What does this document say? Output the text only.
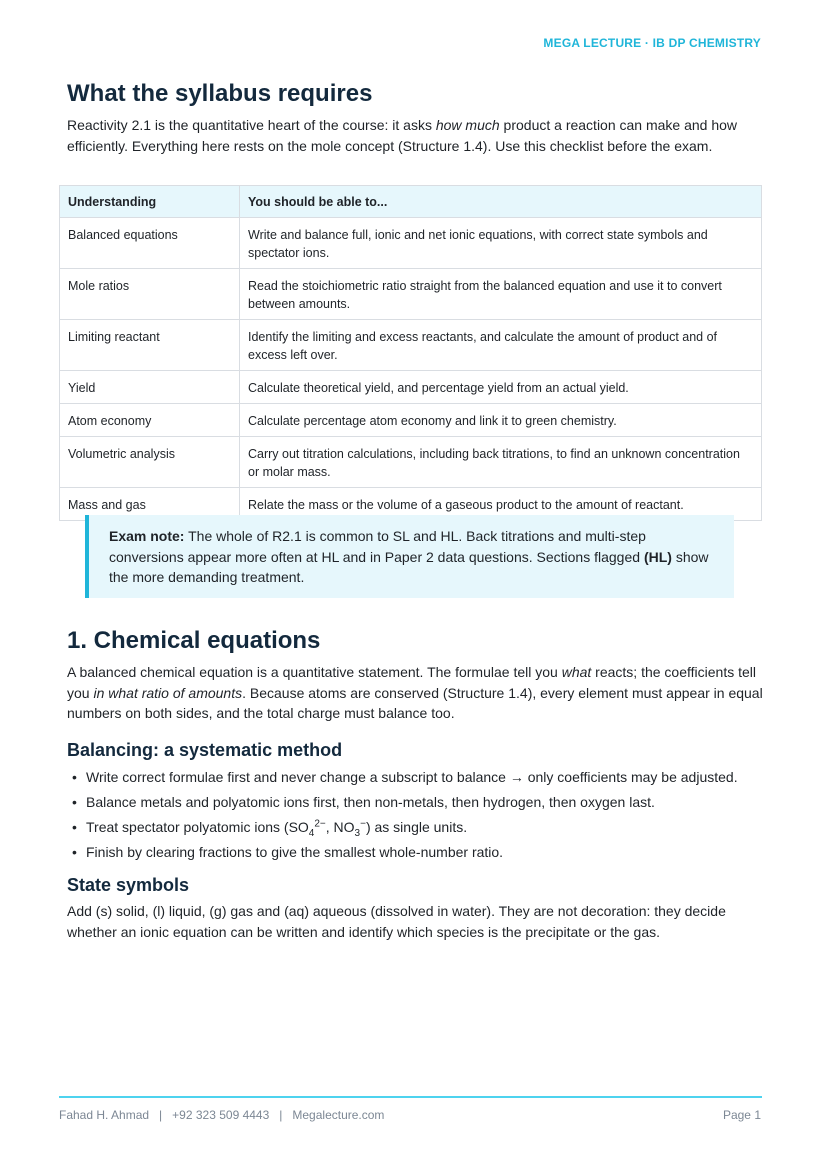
MEGA LECTURE · IB DP CHEMISTRY
What the syllabus requires

Reactivity 2.1 is the quantitative heart of the course: it asks how much product a reaction can make and how efficiently. Everything here rests on the mole concept (Structure 1.4). Use this checklist before the exam.

Understanding	You should be able to...
Balanced equations	Write and balance full, ionic and net ionic equations, with correct state symbols and spectator ions.
Mole ratios	Read the stoichiometric ratio straight from the balanced equation and use it to convert between amounts.
Limiting reactant	Identify the limiting and excess reactants, and calculate the amount of product and of excess left over.
Yield	Calculate theoretical yield, and percentage yield from an actual yield.
Atom economy	Calculate percentage atom economy and link it to green chemistry.
Volumetric analysis	Carry out titration calculations, including back titrations, to find an unknown concentration or molar mass.
Mass and gas	Relate the mass or the volume of a gaseous product to the amount of reactant.
Exam note: The whole of R2.1 is common to SL and HL. Back titrations and multi-step conversions appear more often at HL and in Paper 2 data questions. Sections flagged (HL) show the more demanding treatment.
1. Chemical equations

A balanced chemical equation is a quantitative statement. The formulae tell you what reacts; the coefficients tell you in what ratio of amounts. Because atoms are conserved (Structure 1.4), every element must appear in equal numbers on both sides, and the total charge must balance too.

Balancing: a systematic method
• Write correct formulae first and never change a subscript to balance → only coefficients may be adjusted.
• Balance metals and polyatomic ions first, then non-metals, then hydrogen, then oxygen last.
• Treat spectator polyatomic ions ($SO_4^{2-}$, $NO_3^-$) as single units.
• Finish by clearing fractions to give the smallest whole-number ratio.
State symbols

Add (s) solid, (l) liquid, (g) gas and (aq) aqueous (dissolved in water). They are not decoration: they decide whether an ionic equation can be written and identify which species is the precipitate or the gas.

Fahad H. Ahmad   |   +92 323 509 4443   |   Megalecture.com	Page 1
